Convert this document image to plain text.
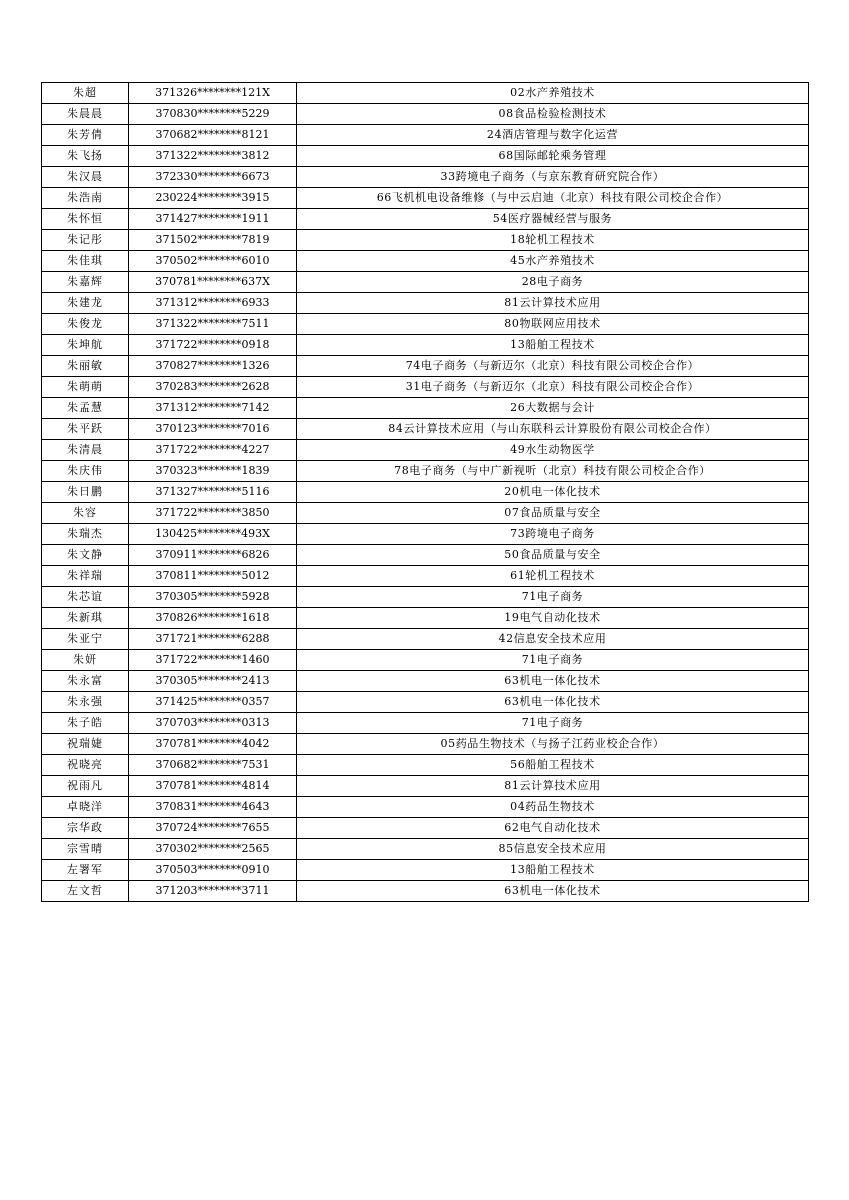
朱超	371326********121X	02水产养殖技术
朱晨晨	370830********5229	08食品检验检测技术
朱芳倩	370682********8121	24酒店管理与数字化运营
朱飞扬	371322********3812	68国际邮轮乘务管理
朱汉晨	372330********6673	33跨境电子商务（与京东教育研究院合作）
朱浩南	230224********3915	66飞机机电设备维修（与中云启迪（北京）科技有限公司校企合作）
朱怀恒	371427********1911	54医疗器械经营与服务
朱记彤	371502********7819	18轮机工程技术
朱佳琪	370502********6010	45水产养殖技术
朱嘉辉	370781********637X	28电子商务
朱建龙	371312********6933	81云计算技术应用
朱俊龙	371322********7511	80物联网应用技术
朱坤航	371722********0918	13船舶工程技术
朱丽敏	370827********1326	74电子商务（与新迈尔（北京）科技有限公司校企合作）
朱萌萌	370283********2628	31电子商务（与新迈尔（北京）科技有限公司校企合作）
朱孟慧	371312********7142	26大数据与会计
朱平跃	370123********7016	84云计算技术应用（与山东联科云计算股份有限公司校企合作）
朱清晨	371722********4227	49水生动物医学
朱庆伟	370323********1839	78电子商务（与中广新视听（北京）科技有限公司校企合作）
朱日鹏	371327********5116	20机电一体化技术
朱容	371722********3850	07食品质量与安全
朱瑞杰	130425********493X	73跨境电子商务
朱文静	370911********6826	50食品质量与安全
朱祥瑞	370811********5012	61轮机工程技术
朱芯谊	370305********5928	71电子商务
朱新琪	370826********1618	19电气自动化技术
朱亚宁	371721********6288	42信息安全技术应用
朱妍	371722********1460	71电子商务
朱永富	370305********2413	63机电一体化技术
朱永强	371425********0357	63机电一体化技术
朱子皓	370703********0313	71电子商务
祝瑞婕	370781********4042	05药品生物技术（与扬子江药业校企合作）
祝晓亮	370682********7531	56船舶工程技术
祝雨凡	370781********4814	81云计算技术应用
卓晓洋	370831********4643	04药品生物技术
宗华政	370724********7655	62电气自动化技术
宗雪晴	370302********2565	85信息安全技术应用
左署军	370503********0910	13船舶工程技术
左文哲	371203********3711	63机电一体化技术
